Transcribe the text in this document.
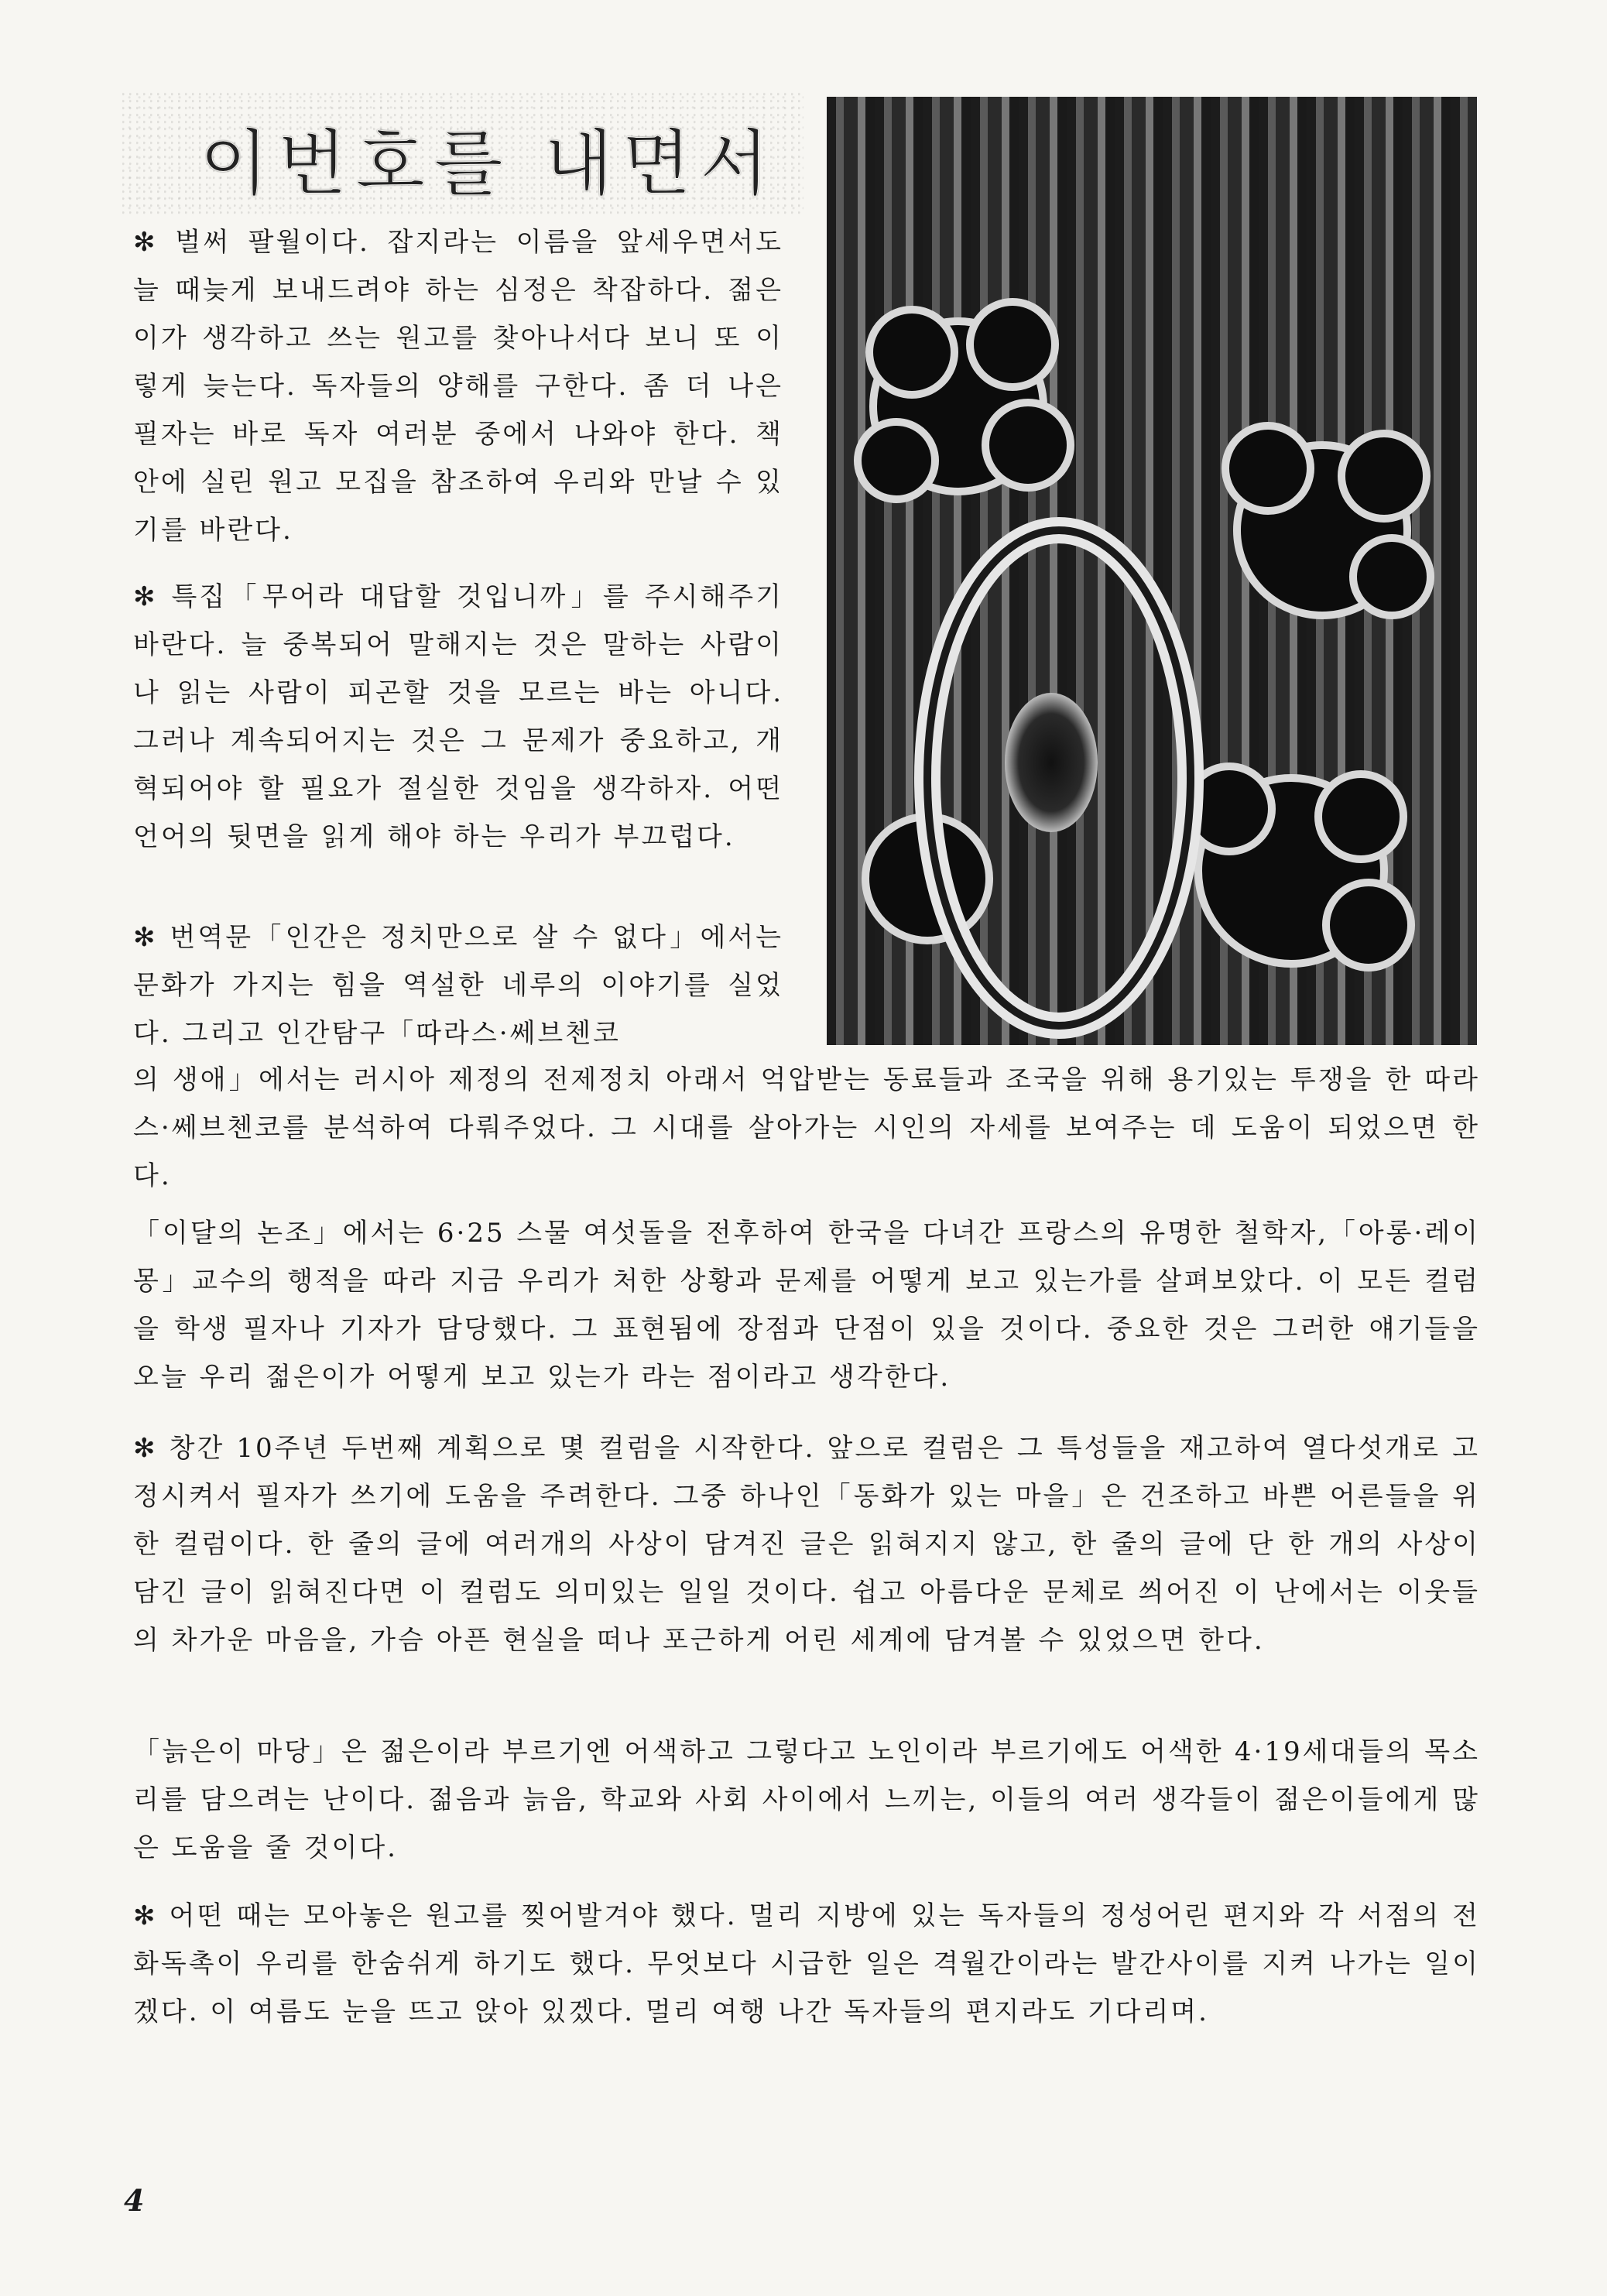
이번호를 내면서

✻ 벌써 팔월이다. 잡지라는 이름을 앞세우면서도 늘 때늦게 보내드려야 하는 심정은 착잡하다. 젊은이가 생각하고 쓰는 원고를 찾아나서다 보니 또 이렇게 늦는다. 독자들의 양해를 구한다. 좀 더 나은 필자는 바로 독자 여러분 중에서 나와야 한다. 책 안에 실린 원고 모집을 참조하여 우리와 만날 수 있기를 바란다.

✻ 특집「무어라 대답할 것입니까」를 주시해주기 바란다. 늘 중복되어 말해지는 것은 말하는 사람이나 읽는 사람이 피곤할 것을 모르는 바는 아니다. 그러나 계속되어지는 것은 그 문제가 중요하고, 개혁되어야 할 필요가 절실한 것임을 생각하자. 어떤 언어의 뒷면을 읽게 해야 하는 우리가 부끄럽다.

✻ 번역문「인간은 정치만으로 살 수 없다」에서는 문화가 가지는 힘을 역설한 네루의 이야기를 실었다. 그리고 인간탐구「따라스·쎄브첸코

의 생애」에서는 러시아 제정의 전제정치 아래서 억압받는 동료들과 조국을 위해 용기있는 투쟁을 한 따라스·쎄브첸코를 분석하여 다뤄주었다. 그 시대를 살아가는 시인의 자세를 보여주는 데 도움이 되었으면 한다.

「이달의 논조」에서는 6·25 스물 여섯돌을 전후하여 한국을 다녀간 프랑스의 유명한 철학자,「아롱·레이몽」교수의 행적을 따라 지금 우리가 처한 상황과 문제를 어떻게 보고 있는가를 살펴보았다. 이 모든 컬럼을 학생 필자나 기자가 담당했다. 그 표현됨에 장점과 단점이 있을 것이다. 중요한 것은 그러한 얘기들을 오늘 우리 젊은이가 어떻게 보고 있는가 라는 점이라고 생각한다.

✻ 창간 10주년 두번째 계획으로 몇 컬럼을 시작한다. 앞으로 컬럼은 그 특성들을 재고하여 열다섯개로 고정시켜서 필자가 쓰기에 도움을 주려한다. 그중 하나인「동화가 있는 마을」은 건조하고 바쁜 어른들을 위한 컬럼이다. 한 줄의 글에 여러개의 사상이 담겨진 글은 읽혀지지 않고, 한 줄의 글에 단 한 개의 사상이 담긴 글이 읽혀진다면 이 컬럼도 의미있는 일일 것이다. 쉽고 아름다운 문체로 씌어진 이 난에서는 이웃들의 차가운 마음을, 가슴 아픈 현실을 떠나 포근하게 어린 세계에 담겨볼 수 있었으면 한다.

「늙은이 마당」은 젊은이라 부르기엔 어색하고 그렇다고 노인이라 부르기에도 어색한 4·19세대들의 목소리를 담으려는 난이다. 젊음과 늙음, 학교와 사회 사이에서 느끼는, 이들의 여러 생각들이 젊은이들에게 많은 도움을 줄 것이다.

✻ 어떤 때는 모아놓은 원고를 찢어발겨야 했다. 멀리 지방에 있는 독자들의 정성어린 편지와 각 서점의 전화독촉이 우리를 한숨쉬게 하기도 했다. 무엇보다 시급한 일은 격월간이라는 발간사이를 지켜 나가는 일이겠다. 이 여름도 눈을 뜨고 앉아 있겠다. 멀리 여행 나간 독자들의 편지라도 기다리며.

4
